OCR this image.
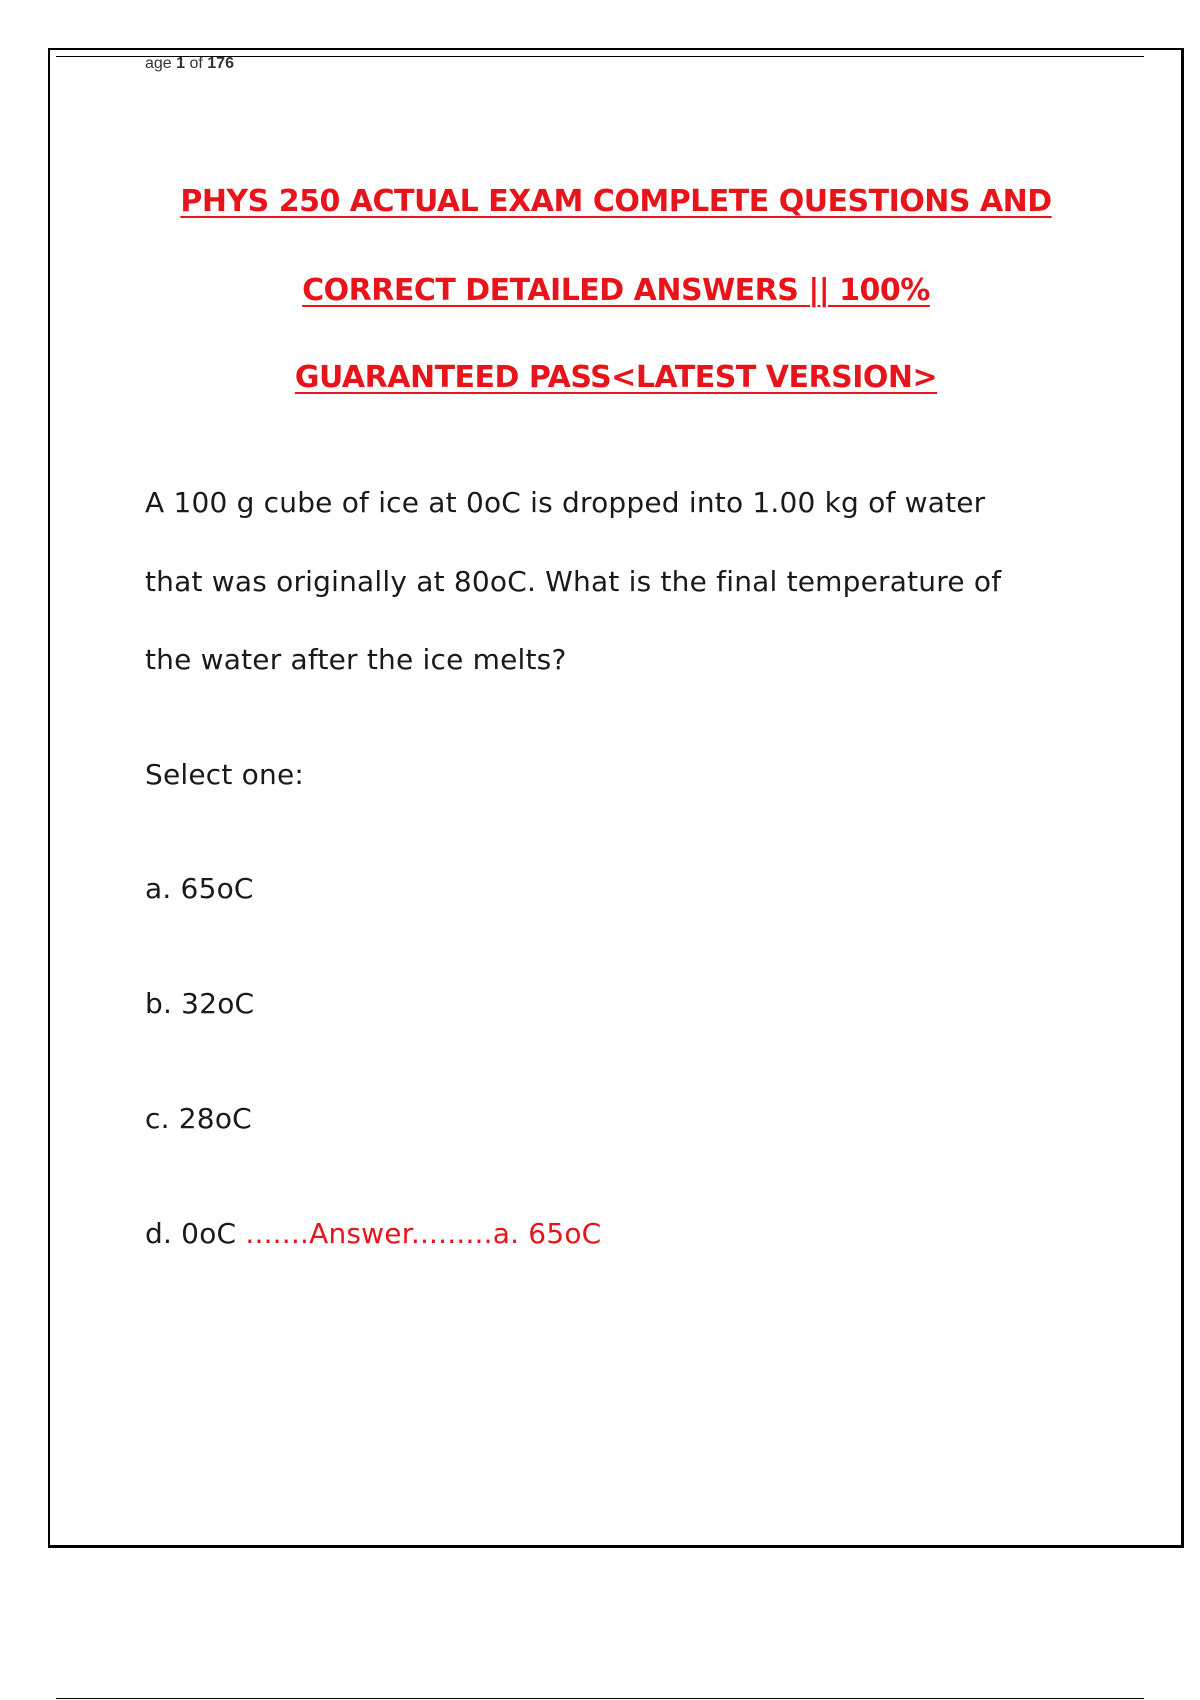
age 1 of 176
PHYS 250 ACTUAL EXAM COMPLETE QUESTIONS AND
CORRECT DETAILED ANSWERS || 100%
GUARANTEED PASS<LATEST VERSION>
A 100 g cube of ice at 0oC is dropped into 1.00 kg of water
that was originally at 80oC. What is the final temperature of
the water after the ice melts?
Select one:
a. 65oC
b. 32oC
c. 28oC
d. 0oC .......Answer.........a. 65oC
